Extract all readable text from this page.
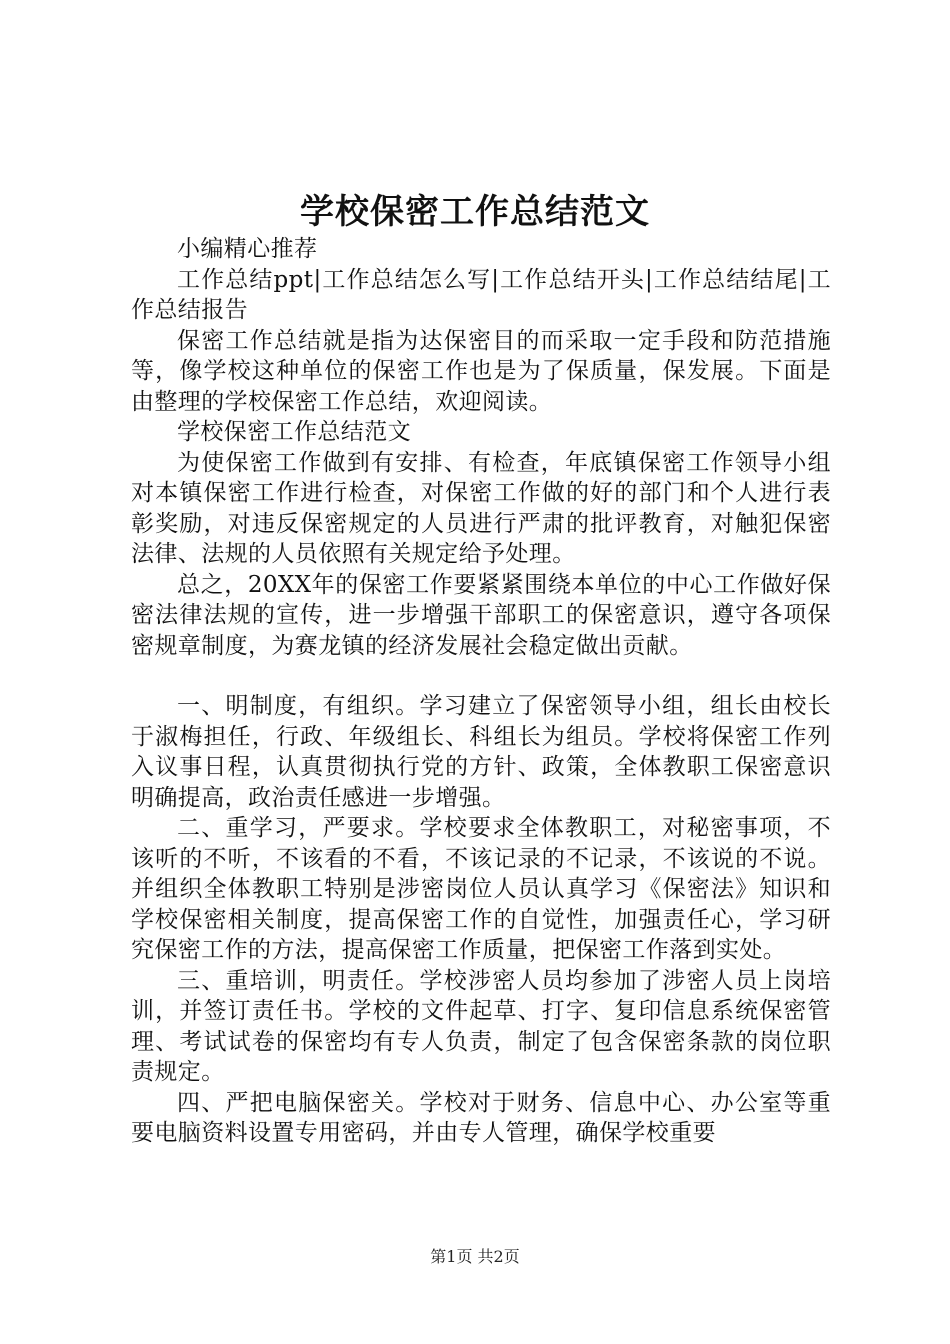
学校保密工作总结范文

小编精心推荐

工作总结ppt|工作总结怎么写|工作总结开头|工作总结结尾|工作总结报告

保密工作总结就是指为达保密目的而采取一定手段和防范措施等，像学校这种单位的保密工作也是为了保质量，保发展。下面是由整理的学校保密工作总结，欢迎阅读。

学校保密工作总结范文

为使保密工作做到有安排、有检查，年底镇保密工作领导小组对本镇保密工作进行检查，对保密工作做的好的部门和个人进行表彰奖励，对违反保密规定的人员进行严肃的批评教育，对触犯保密法律、法规的人员依照有关规定给予处理。

总之，20XX年的保密工作要紧紧围绕本单位的中心工作做好保密法律法规的宣传，进一步增强干部职工的保密意识，遵守各项保密规章制度，为赛龙镇的经济发展社会稳定做出贡献。

一、明制度，有组织。学习建立了保密领导小组，组长由校长于淑梅担任，行政、年级组长、科组长为组员。学校将保密工作列入议事日程，认真贯彻执行党的方针、政策，全体教职工保密意识明确提高，政治责任感进一步增强。

二、重学习，严要求。学校要求全体教职工，对秘密事项，不该听的不听，不该看的不看，不该记录的不记录，不该说的不说。并组织全体教职工特别是涉密岗位人员认真学习《保密法》知识和学校保密相关制度，提高保密工作的自觉性，加强责任心，学习研究保密工作的方法，提高保密工作质量，把保密工作落到实处。

三、重培训，明责任。学校涉密人员均参加了涉密人员上岗培训，并签订责任书。学校的文件起草、打字、复印信息系统保密管理、考试试卷的保密均有专人负责，制定了包含保密条款的岗位职责规定。

四、严把电脑保密关。学校对于财务、信息中心、办公室等重要电脑资料设置专用密码，并由专人管理，确保学校重要

第1页 共2页
